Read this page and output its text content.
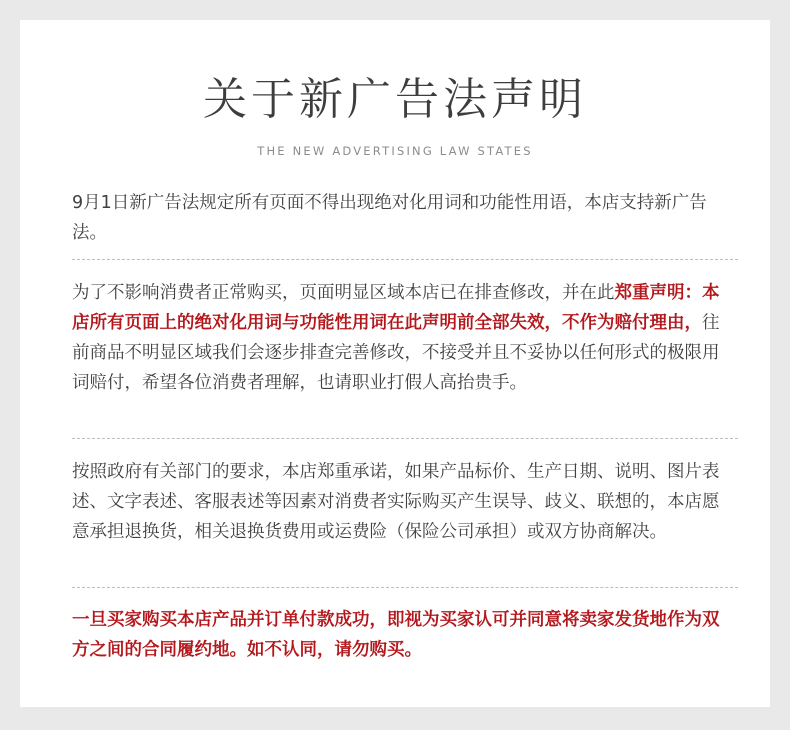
关于新广告法声明
THE NEW ADVERTISING LAW STATES

9月1日新广告法规定所有页面不得出现绝对化用词和功能性用语，本店支持新广告法。

为了不影响消费者正常购买，页面明显区域本店已在排查修改，并在此郑重声明：本店所有页面上的绝对化用词与功能性用词在此声明前全部失效，不作为赔付理由，往前商品不明显区域我们会逐步排查完善修改，不接受并且不妥协以任何形式的极限用词赔付，希望各位消费者理解，也请职业打假人高抬贵手。

按照政府有关部门的要求，本店郑重承诺，如果产品标价、生产日期、说明、图片表述、文字表述、客服表述等因素对消费者实际购买产生误导、歧义、联想的，本店愿意承担退换货，相关退换货费用或运费险（保险公司承担）或双方协商解决。

一旦买家购买本店产品并订单付款成功，即视为买家认可并同意将卖家发货地作为双方之间的合同履约地。如不认同，请勿购买。
